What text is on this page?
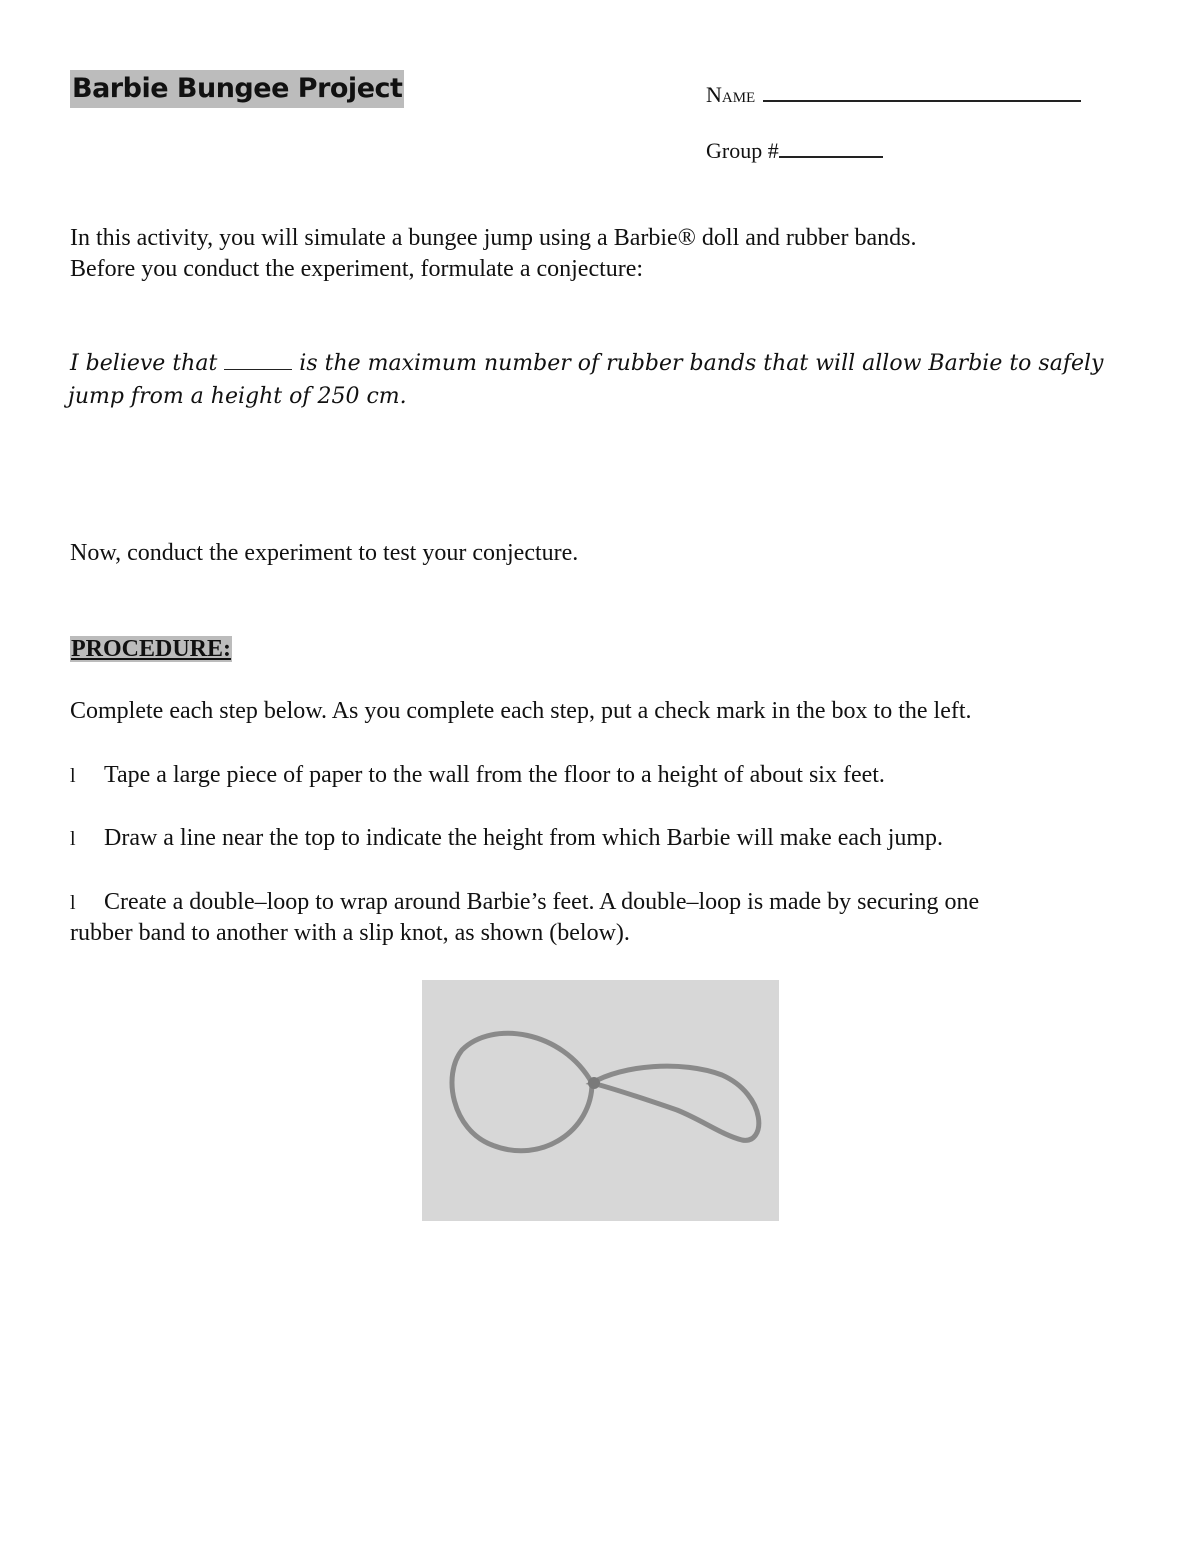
Barbie Bungee Project	Name
Group #
In this activity, you will simulate a bungee jump using a Barbie® doll and rubber bands.
Before you conduct the experiment, formulate a conjecture:
I believe that	is the maximum number of rubber bands that will allow Barbie to safely
jump from a height of 250 cm.
Now, conduct the experiment to test your conjecture.
PROCEDURE:
Complete each step below. As you complete each step, put a check mark in the box to the left.
l Tape a large piece of paper to the wall from the floor to a height of about six feet.
l Draw a line near the top to indicate the height from which Barbie will make each jump.
l Create a double–loop to wrap around Barbie’s feet. A double–loop is made by securing one
rubber band to another with a slip knot, as shown (below).
